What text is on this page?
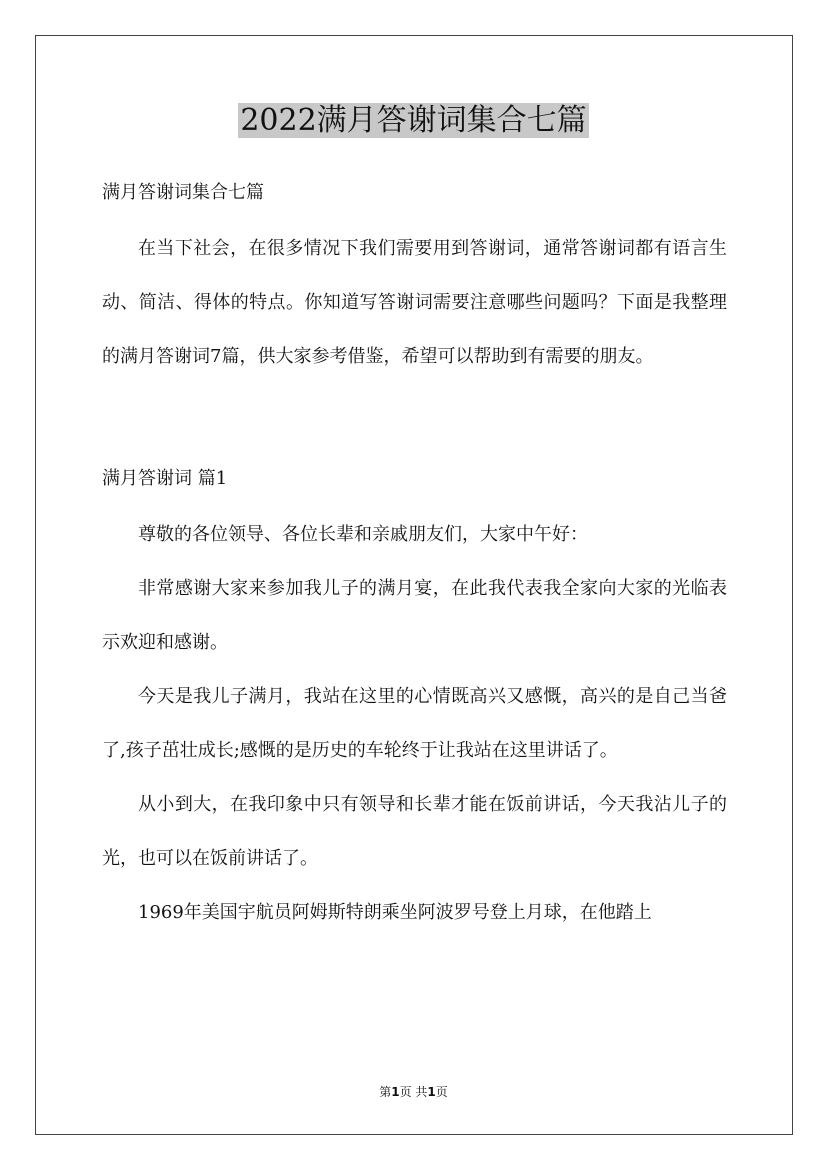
2022满月答谢词集合七篇

满月答谢词集合七篇

在当下社会，在很多情况下我们需要用到答谢词，通常答谢词都有语言生动、简洁、得体的特点。你知道写答谢词需要注意哪些问题吗？下面是我整理的满月答谢词7篇，供大家参考借鉴，希望可以帮助到有需要的朋友。

满月答谢词 篇1

尊敬的各位领导、各位长辈和亲戚朋友们，大家中午好：

非常感谢大家来参加我儿子的满月宴，在此我代表我全家向大家的光临表示欢迎和感谢。

今天是我儿子满月，我站在这里的心情既高兴又感慨，高兴的是自己当爸了,孩子茁壮成长;感慨的是历史的车轮终于让我站在这里讲话了。

从小到大，在我印象中只有领导和长辈才能在饭前讲话，今天我沾儿子的光，也可以在饭前讲话了。

1969年美国宇航员阿姆斯特朗乘坐阿波罗号登上月球，在他踏上

第1页 共1页
